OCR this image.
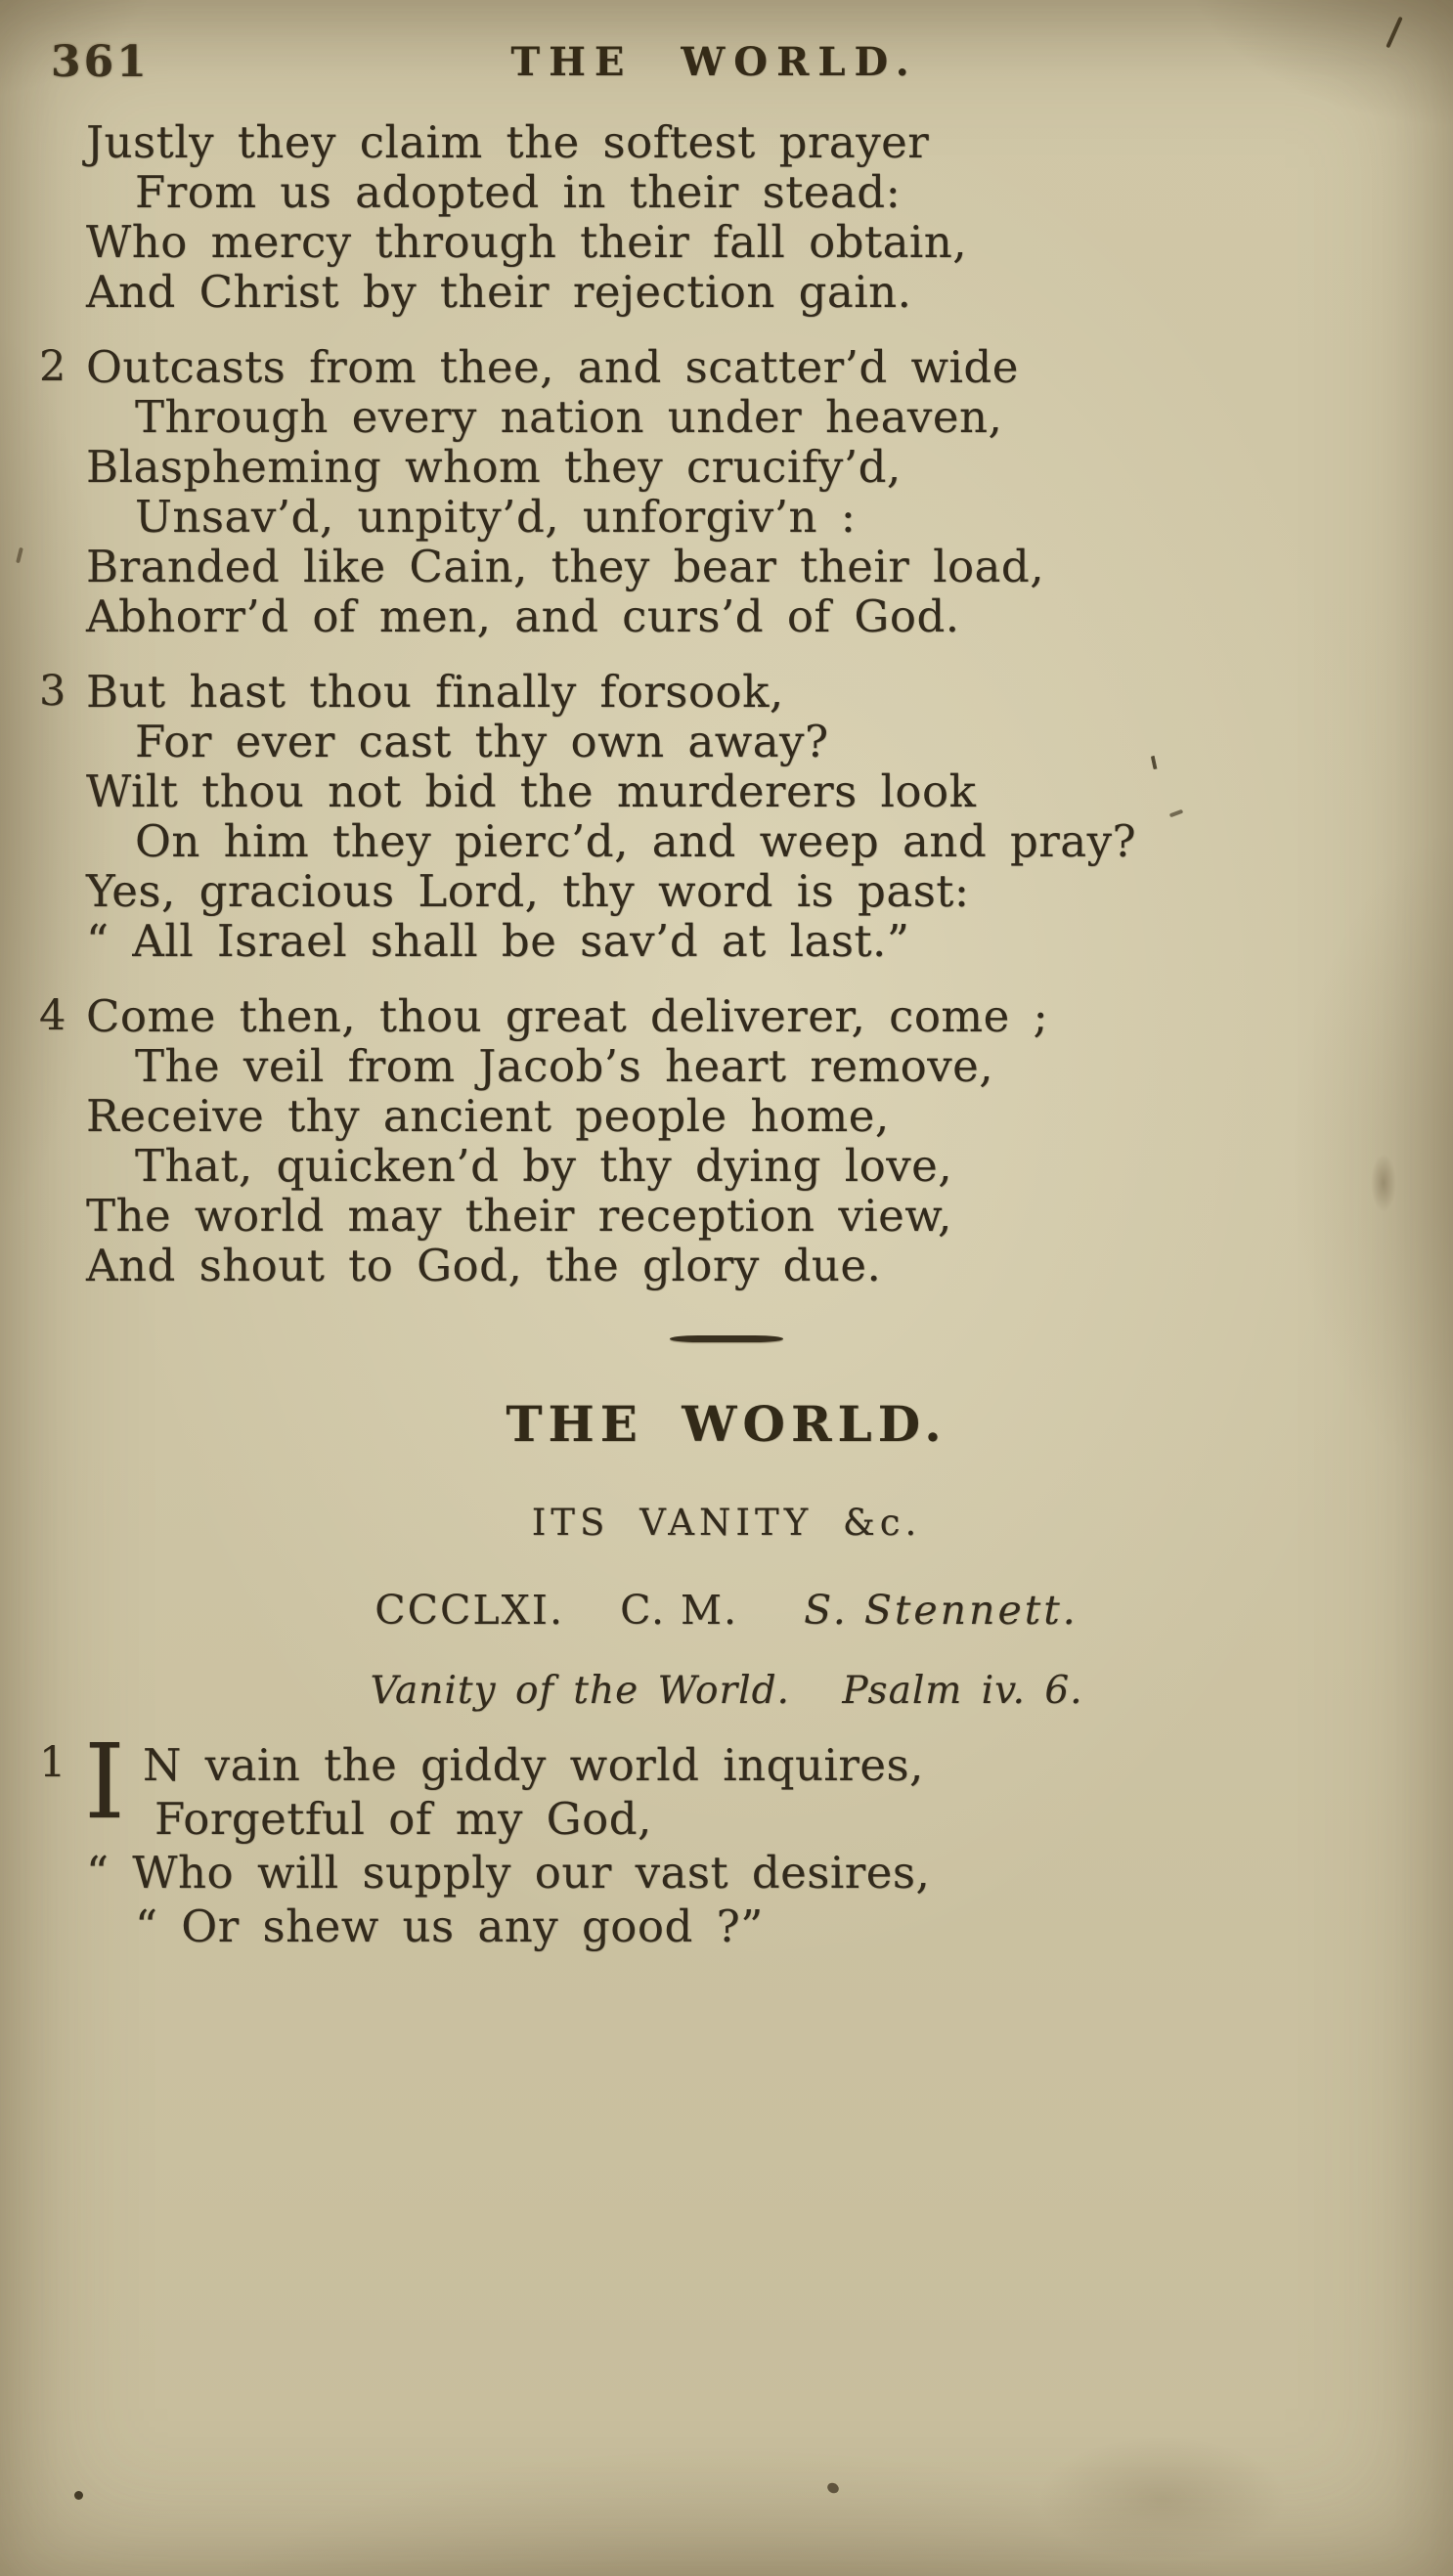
361	THE WORLD.
Justly they claim the softest prayer
From us adopted in their stead:
Who mercy through their fall obtain,
And Christ by their rejection gain.
2 Outcasts from thee, and scatter’d wide
Through every nation under heaven,
Blaspheming whom they crucify’d,
Unsav’d, unpity’d, unforgiv’n :
Branded like Cain, they bear their load,
Abhorr’d of men, and curs’d of God.
3 But hast thou finally forsook,
For ever cast thy own away?
Wilt thou not bid the murderers look
On him they pierc’d, and weep and pray?
Yes, gracious Lord, thy word is past:
“ All Israel shall be sav’d at last.”
4 Come then, thou great deliverer, come ;
The veil from Jacob’s heart remove,
Receive thy ancient people home,
That, quicken’d by thy dying love,
The world may their reception view,
And shout to God, the glory due.
THE WORLD.
ITS VANITY &c.
CCCLXI. C. M. S. Stennett.
Vanity of the World. Psalm iv. 6.
1 I N vain the giddy world inquires,
Forgetful of my God,
“ Who will supply our vast desires,
“ Or shew us any good ?”
